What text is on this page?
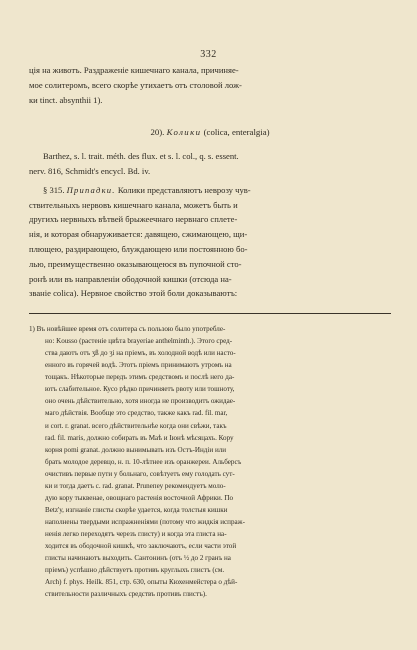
332

ція на животъ. Раздраженіе кишечнаго канала, причиняе-
мое солитеромъ, всего скорѣе утихаетъ отъ столовой лож-
ки tinct. absynthii 1).

20). Колики (colica, enteralgia)

Barthez, s. l. trait. méth. des flux. et s. l. col., q. s. essent.
nerv. 816, Schmidt's encycl. Bd. iv.

§ 315. Припадки. Колики представляютъ неврозу чув-
ствительныхъ нервовъ кишечнаго канала, можетъ быть и
другихъ нервныхъ вѣтвей брыжеечнаго нервнаго сплете-
нія, и которая обнаруживается: давящею, сжимающею, щи-
плющею, раздирающею, блуждающею или постоянною бо-
лью, преимущественно оказывающеюся въ пупочной сто-
ронѣ или въ направленіи ободочной кишки (отсюда на-
званіе colica). Нервное свойство этой боли доказываютъ:

1) Въ новѣйшее время отъ солитера съ пользою было употребле-

но: Kousso (растеніе цвѣта brayeriae anthelminth.). Этого сред-

ства даютъ отъ ʒß до ʒi на пріемъ, въ холодной водѣ или насто-

енного въ горячей водѣ. Этотъ пріемъ принимаютъ утромъ на

тощакъ. Нѣкоторые передъ этимъ средствомъ и послѣ него да-

ютъ слабительное. Кусо рѣдко причиняетъ рвоту или тошноту,

оно очень дѣйствительно, хотя иногда не производитъ ожидае-

маго дѣйствія. Вообще это средство, также какъ rad. fil. mar,

и cort. r. granat. всего дѣйствительнѣе когда они свѣжи, такъ

rad. fil. maris, должно собирать въ Маѣ и Іюнѣ мѣсяцахъ. Кору

корня pomi granat. должно вынимывать изъ Остъ-Индіи или

брать молодое деревцо, н. п. 10-лѣтнее изъ оранжереи. Альберсъ

очистивъ первые пути у больнаго, совѣтуетъ ему голодать сут-

ки и тогда даетъ с. rad. granat. Pruneпеу рекомендуетъ моло-

дую кору тыквенаe, овощнаго растенія восточной Африки. По

Betz'у, изгнаніе глисты скорѣе удается, когда толстыя кишки

наполнены твердыми испражненіями (потому что жидкія испраж-

ненія легко переходятъ черезъ глисту) и когда эта глиста на-

ходится въ ободочной кишкѣ, что заключаютъ, если части этой

глисты начинаютъ выходить. Сантонинъ (отъ ½ до 2 гранъ на

пріемъ) успѣшно дѣйствуетъ противъ круглыхъ глистъ (см.

Arch) f. phys. Heilk. 851, стр. 630, опыты Кюхенмейстера о дѣй-

ствительности различныхъ средствъ противъ глистъ).
